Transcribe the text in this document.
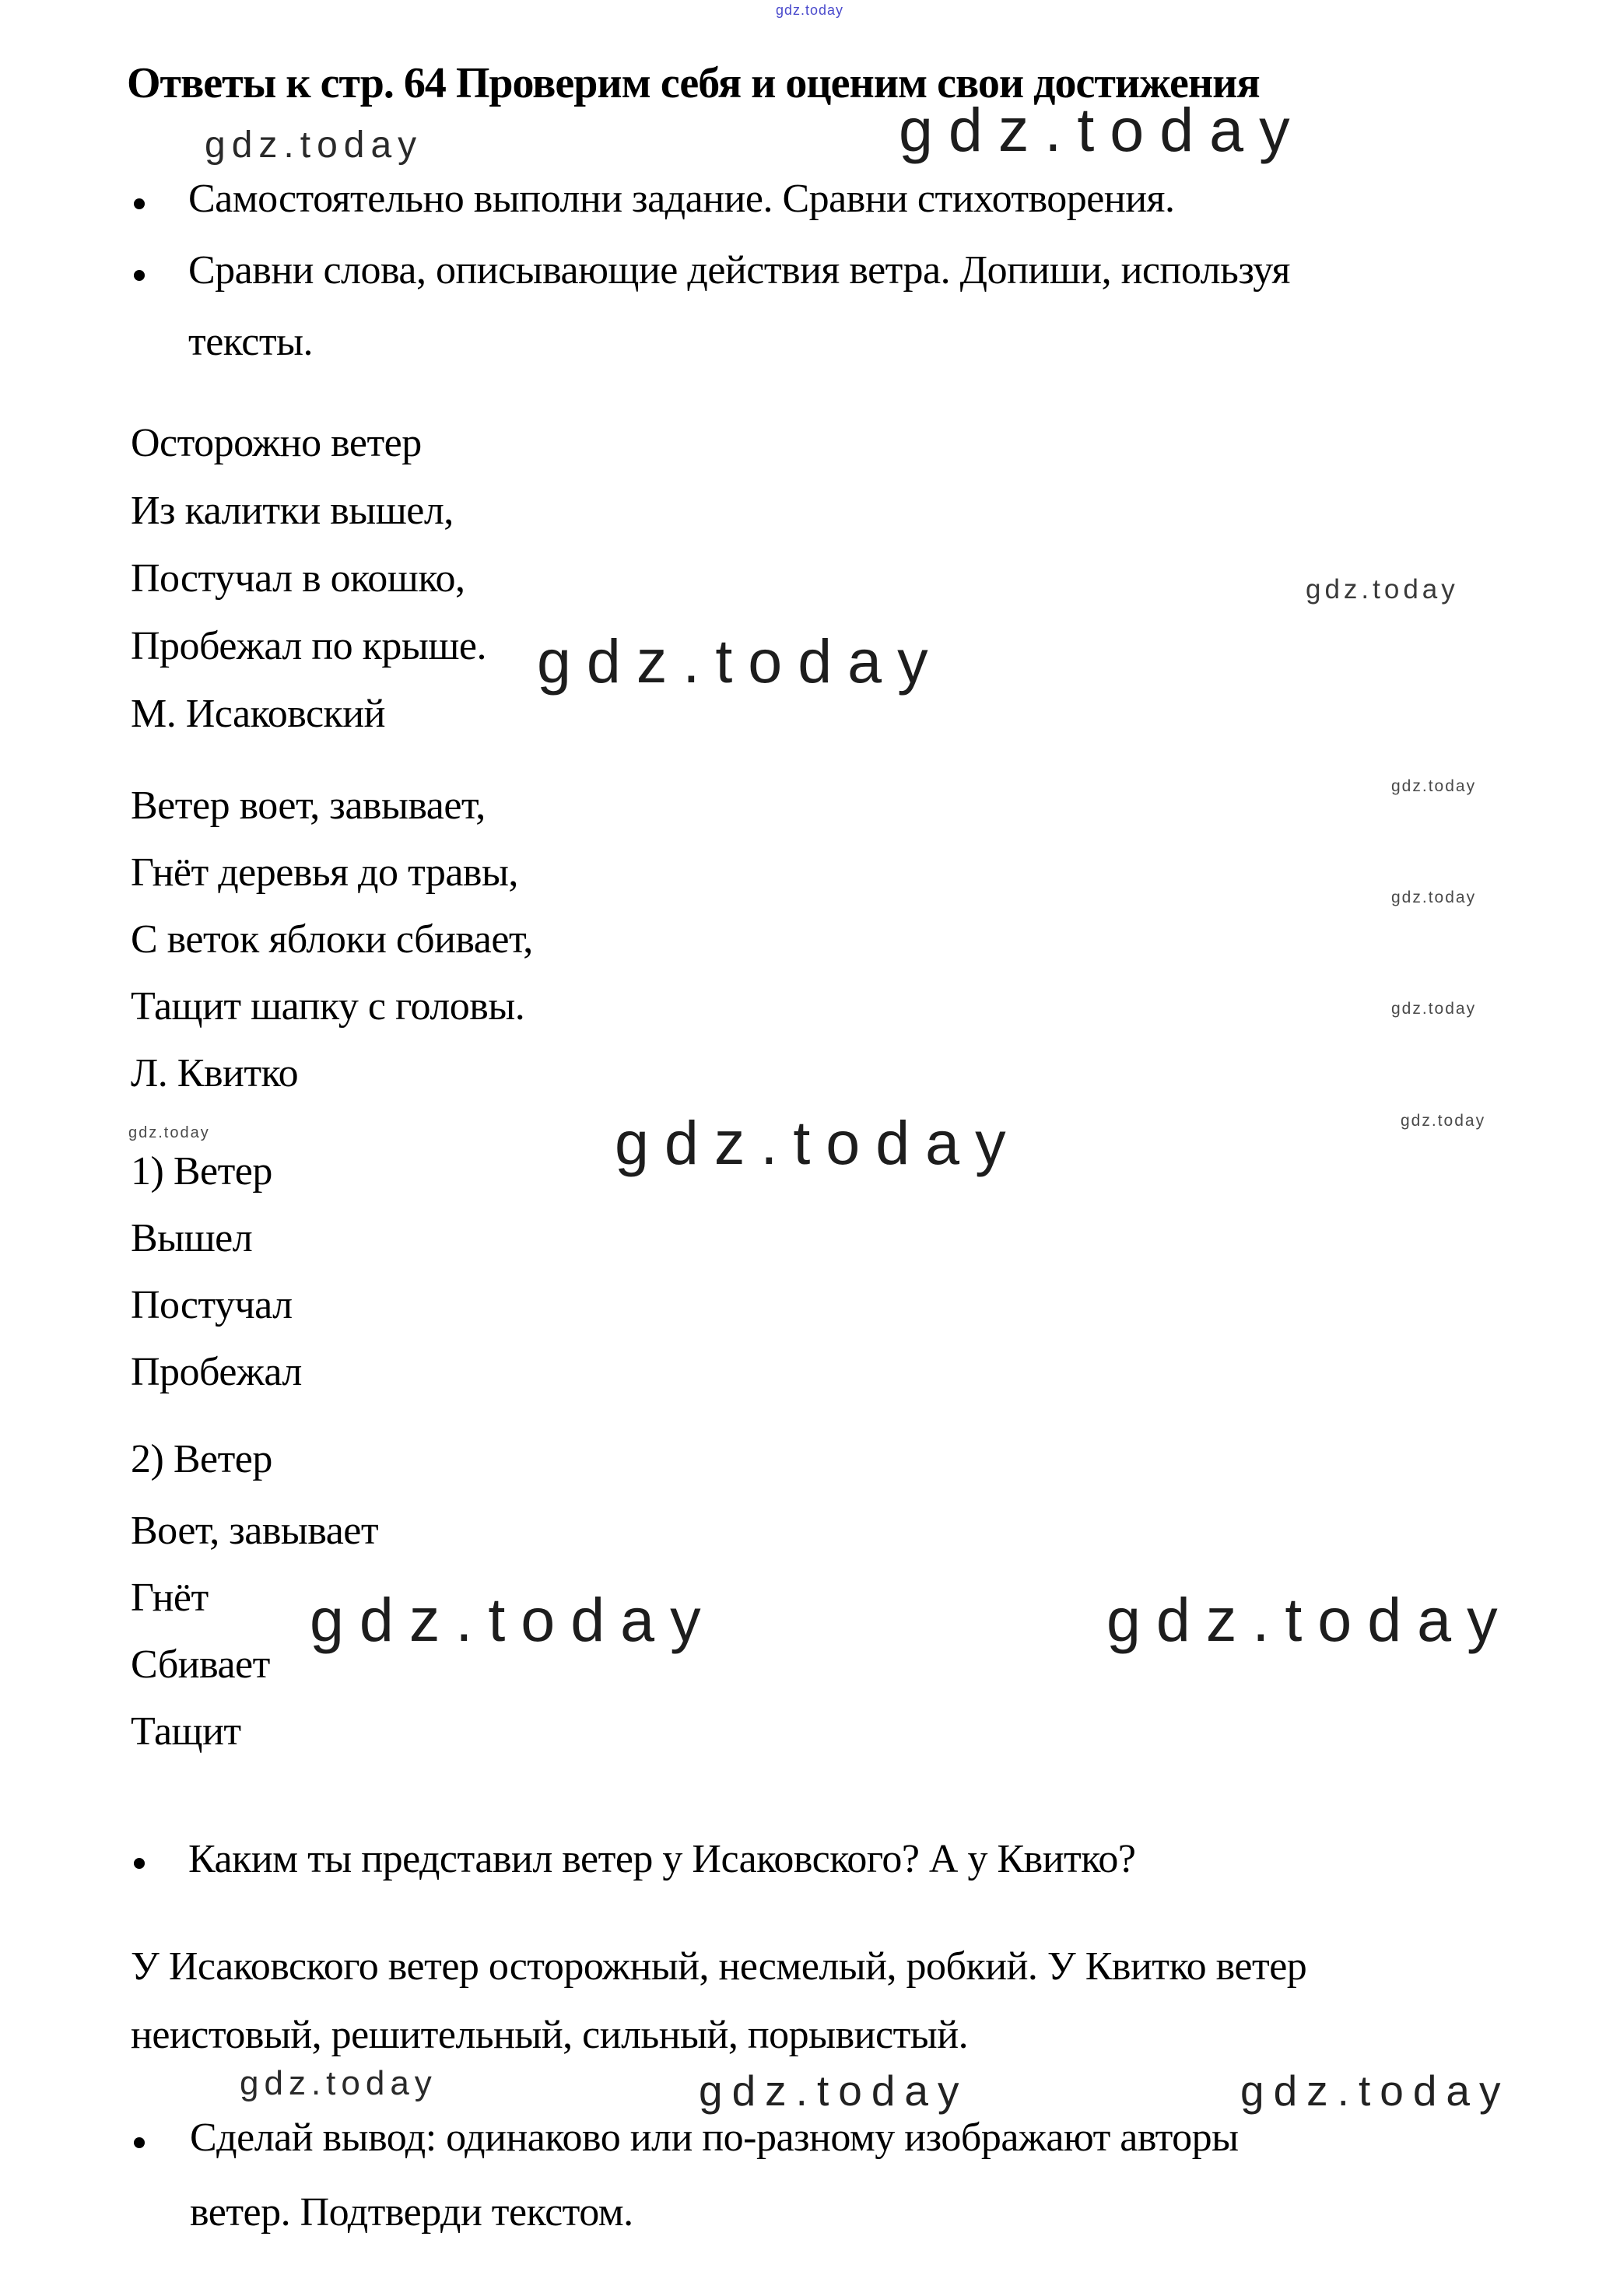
gdz.today
gdz.today	gdz.today
gdz.today
gdz.today
gdz.today
gdz.today
gdz.today
gdz.today
gdz.today	gdz.today
gdz.today	gdz.today
gdz.today	gdz.today	gdz.today
Ответы к стр. 64 Проверим себя и оценим свои достижения
Самостоятельно выполни задание. Сравни стихотворения.
Сравни слова, описывающие действия ветра. Допиши, используя
тексты.
Осторожно ветер
Из калитки вышел,
Постучал в окошко,
Пробежал по крыше.
М. Исаковский
Ветер воет, завывает,
Гнёт деревья до травы,
С веток яблоки сбивает,
Тащит шапку с головы.
Л. Квитко
1) Ветер
Вышел
Постучал
Пробежал
2) Ветер
Воет, завывает
Гнёт
Сбивает
Тащит
Каким ты представил ветер у Исаковского? А у Квитко?
У Исаковского ветер осторожный, несмелый, робкий. У Квитко ветер
неистовый, решительный, сильный, порывистый.
Сделай вывод: одинаково или по-разному изображают авторы
ветер. Подтверди текстом.
